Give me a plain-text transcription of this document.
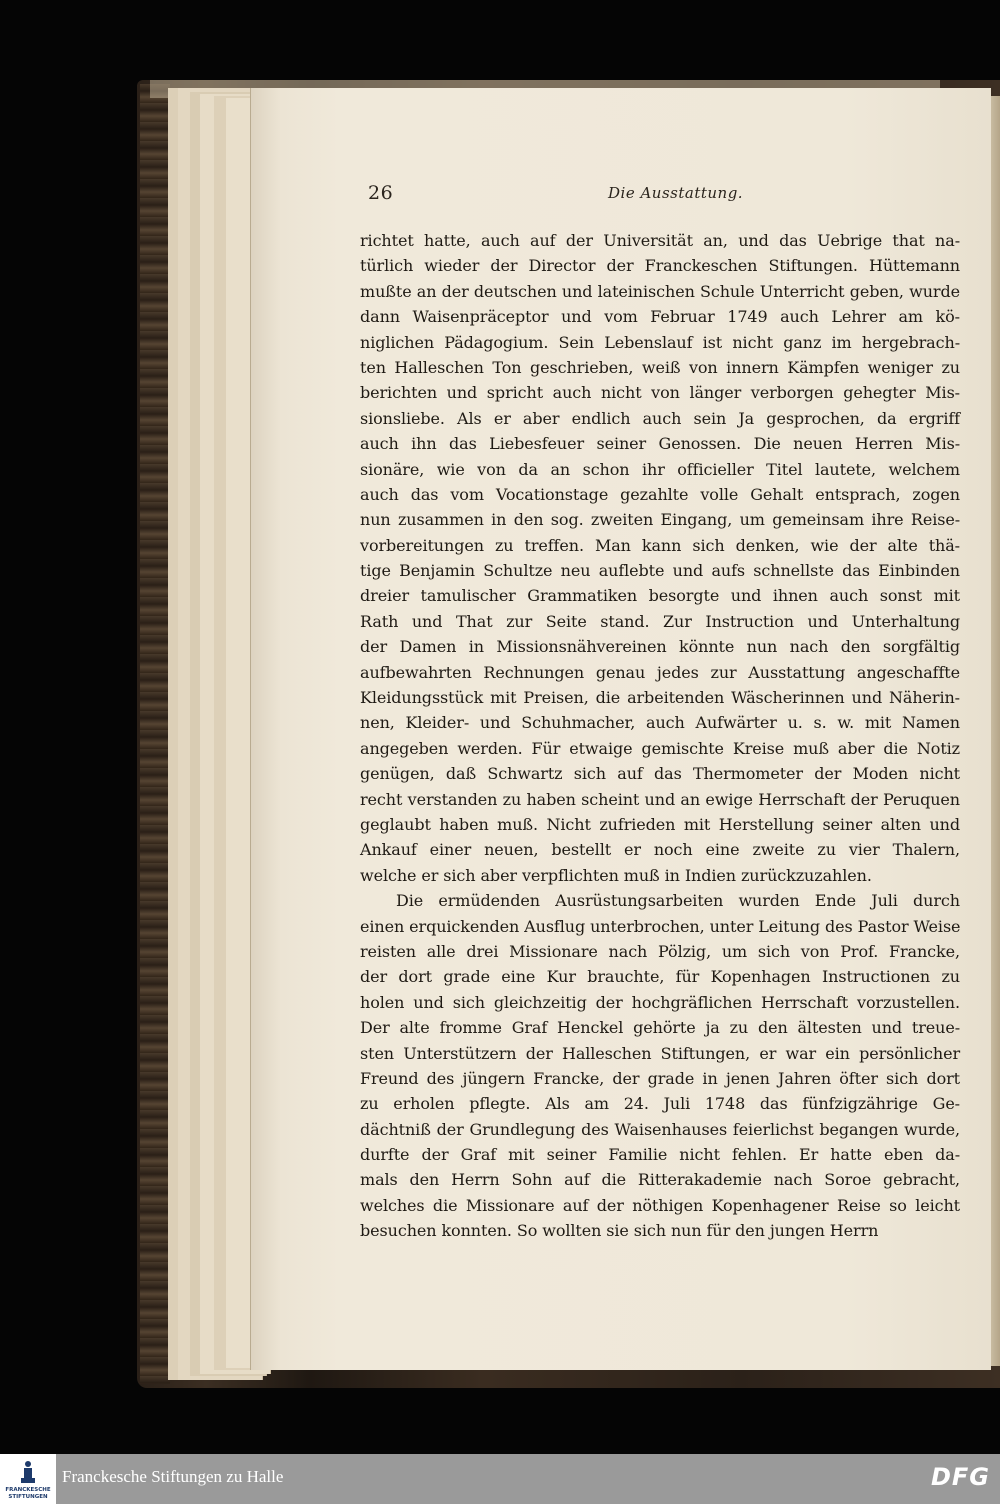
26	Die Ausstattung.
richtet hatte, auch auf der Universität an, und das Uebrige that na-
türlich wieder der Director der Franckeschen Stiftungen. Hüttemann
mußte an der deutschen und lateinischen Schule Unterricht geben, wurde
dann Waisenpräceptor und vom Februar 1749 auch Lehrer am kö-
niglichen Pädagogium. Sein Lebenslauf ist nicht ganz im hergebrach-
ten Halleschen Ton geschrieben, weiß von innern Kämpfen weniger zu
berichten und spricht auch nicht von länger verborgen gehegter Mis-
sionsliebe. Als er aber endlich auch sein Ja gesprochen, da ergriff
auch ihn das Liebesfeuer seiner Genossen. Die neuen Herren Mis-
sionäre, wie von da an schon ihr officieller Titel lautete, welchem
auch das vom Vocationstage gezahlte volle Gehalt entsprach, zogen
nun zusammen in den sog. zweiten Eingang, um gemeinsam ihre Reise-
vorbereitungen zu treffen. Man kann sich denken, wie der alte thä-
tige Benjamin Schultze neu auflebte und aufs schnellste das Einbinden
dreier tamulischer Grammatiken besorgte und ihnen auch sonst mit
Rath und That zur Seite stand. Zur Instruction und Unterhaltung
der Damen in Missionsnähvereinen könnte nun nach den sorgfältig
aufbewahrten Rechnungen genau jedes zur Ausstattung angeschaffte
Kleidungsstück mit Preisen, die arbeitenden Wäscherinnen und Näherin-
nen, Kleider- und Schuhmacher, auch Aufwärter u. s. w. mit Namen
angegeben werden. Für etwaige gemischte Kreise muß aber die Notiz
genügen, daß Schwartz sich auf das Thermometer der Moden nicht
recht verstanden zu haben scheint und an ewige Herrschaft der Peruquen
geglaubt haben muß. Nicht zufrieden mit Herstellung seiner alten und
Ankauf einer neuen, bestellt er noch eine zweite zu vier Thalern,
welche er sich aber verpflichten muß in Indien zurückzuzahlen.
Die ermüdenden Ausrüstungsarbeiten wurden Ende Juli durch
einen erquickenden Ausflug unterbrochen, unter Leitung des Pastor Weise
reisten alle drei Missionare nach Pölzig, um sich von Prof. Francke,
der dort grade eine Kur brauchte, für Kopenhagen Instructionen zu
holen und sich gleichzeitig der hochgräflichen Herrschaft vorzustellen.
Der alte fromme Graf Henckel gehörte ja zu den ältesten und treue-
sten Unterstützern der Halleschen Stiftungen, er war ein persönlicher
Freund des jüngern Francke, der grade in jenen Jahren öfter sich dort
zu erholen pflegte. Als am 24. Juli 1748 das fünfzigzährige Ge-
dächtniß der Grundlegung des Waisenhauses feierlichst begangen wurde,
durfte der Graf mit seiner Familie nicht fehlen. Er hatte eben da-
mals den Herrn Sohn auf die Ritterakademie nach Soroe gebracht,
welches die Missionare auf der nöthigen Kopenhagener Reise so leicht
besuchen konnten. So wollten sie sich nun für den jungen Herrn
FRANCKESCHE STIFTUNGEN
Franckesche Stiftungen zu Halle	DFG
